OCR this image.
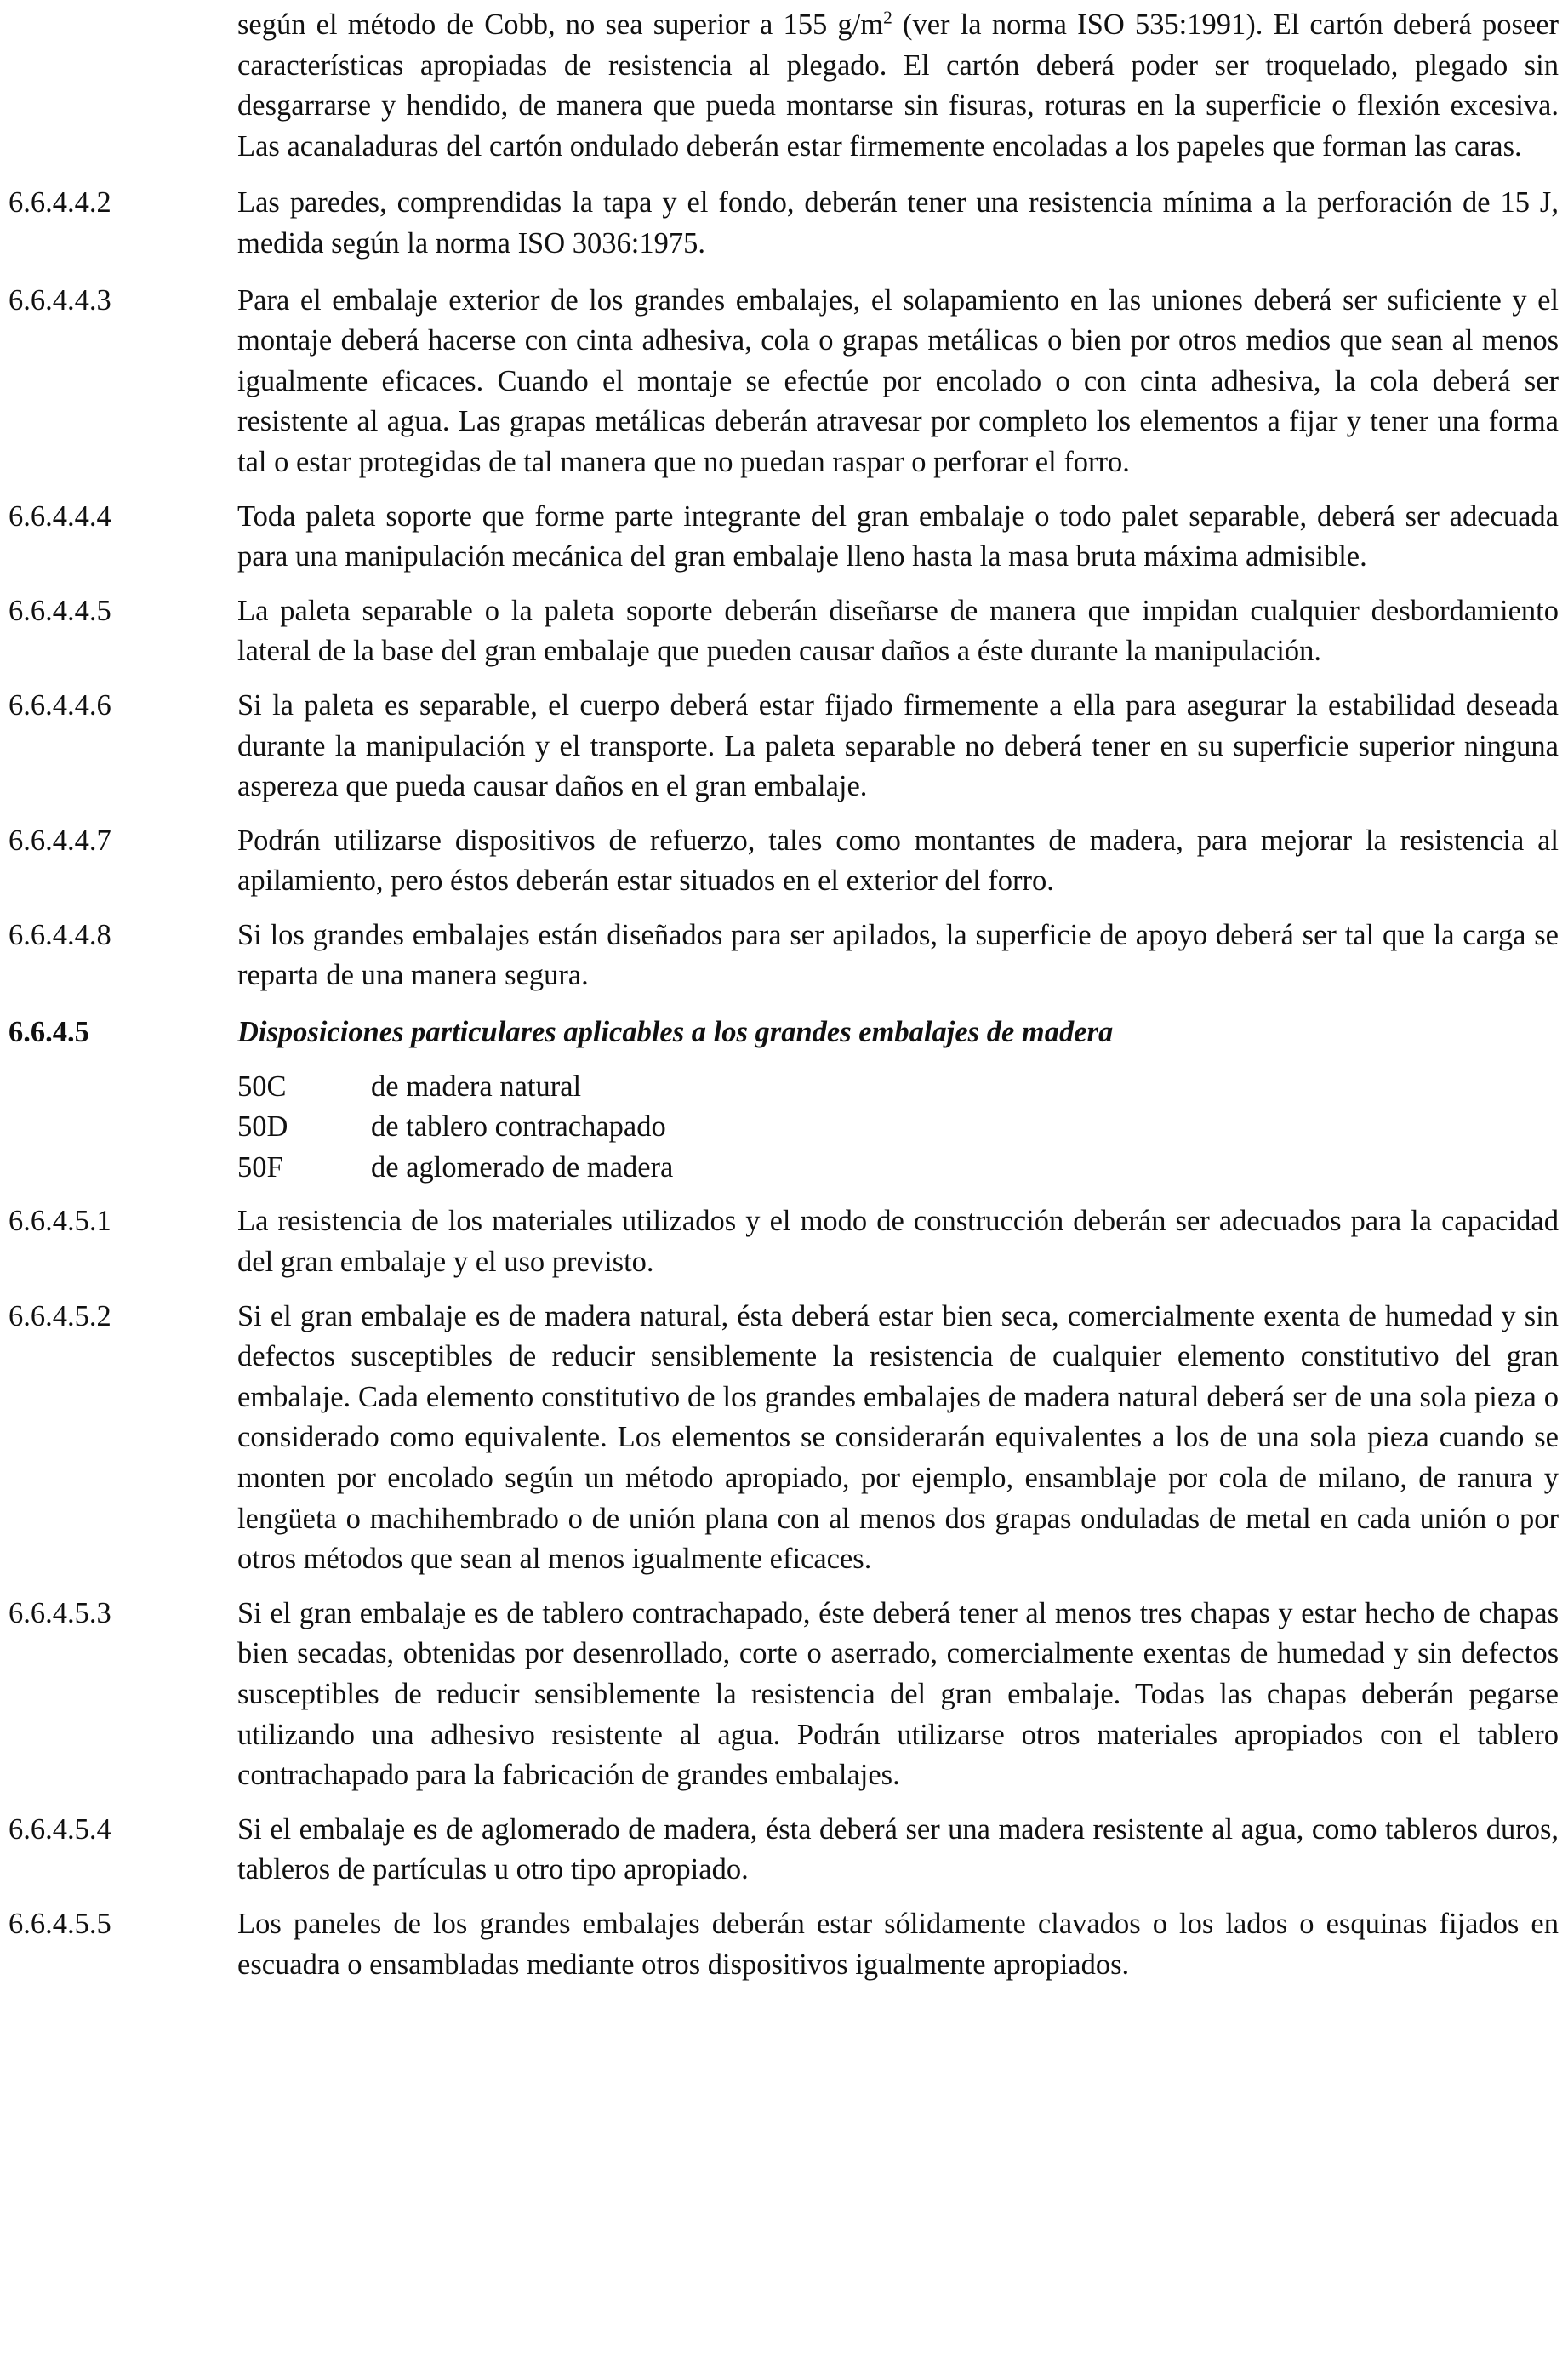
según el método de Cobb, no sea superior a 155 $g/m^2$ (ver la norma ISO 535:1991). El cartón deberá poseer características apropiadas de resistencia al plegado. El cartón deberá poder ser troquelado, plegado sin desgarrarse y hendido, de manera que pueda montarse sin fisuras, roturas en la superficie o flexión excesiva. Las acanaladuras del cartón ondulado deberán estar firmemente encoladas a los papeles que forman las caras.
6.6.4.4.2	Las paredes, comprendidas la tapa y el fondo, deberán tener una resistencia mínima a la perforación de 15 J, medida según la norma ISO 3036:1975.
6.6.4.4.3	Para el embalaje exterior de los grandes embalajes, el solapamiento en las uniones deberá ser suficiente y el montaje deberá hacerse con cinta adhesiva, cola o grapas metálicas o bien por otros medios que sean al menos igualmente eficaces. Cuando el montaje se efectúe por encolado o con cinta adhesiva, la cola deberá ser resistente al agua. Las grapas metálicas deberán atravesar por completo los elementos a fijar y tener una forma tal o estar protegidas de tal manera que no puedan raspar o perforar el forro.
6.6.4.4.4	Toda paleta soporte que forme parte integrante del gran embalaje o todo palet separable, deberá ser adecuada para una manipulación mecánica del gran embalaje lleno hasta la masa bruta máxima admisible.
6.6.4.4.5	La paleta separable o la paleta soporte deberán diseñarse de manera que impidan cualquier desbordamiento lateral de la base del gran embalaje que pueden causar daños a éste durante la manipulación.
6.6.4.4.6	Si la paleta es separable, el cuerpo deberá estar fijado firmemente a ella para asegurar la estabilidad deseada durante la manipulación y el transporte. La paleta separable no deberá tener en su superficie superior ninguna aspereza que pueda causar daños en el gran embalaje.
6.6.4.4.7	Podrán utilizarse dispositivos de refuerzo, tales como montantes de madera, para mejorar la resistencia al apilamiento, pero éstos deberán estar situados en el exterior del forro.
6.6.4.4.8	Si los grandes embalajes están diseñados para ser apilados, la superficie de apoyo deberá ser tal que la carga se reparta de una manera segura.
6.6.4.5	Disposiciones particulares aplicables a los grandes embalajes de madera
50C	de madera natural
50D	de tablero contrachapado
50F	de aglomerado de madera
6.6.4.5.1	La resistencia de los materiales utilizados y el modo de construcción deberán ser adecuados para la capacidad del gran embalaje y el uso previsto.
6.6.4.5.2	Si el gran embalaje es de madera natural, ésta deberá estar bien seca, comercialmente exenta de humedad y sin defectos susceptibles de reducir sensiblemente la resistencia de cualquier elemento constitutivo del gran embalaje. Cada elemento constitutivo de los grandes embalajes de madera natural deberá ser de una sola pieza o considerado como equivalente. Los elementos se considerarán equivalentes a los de una sola pieza cuando se monten por encolado según un método apropiado, por ejemplo, ensamblaje por cola de milano, de ranura y lengüeta o machihembrado o de unión plana con al menos dos grapas onduladas de metal en cada unión o por otros métodos que sean al menos igualmente eficaces.
6.6.4.5.3	Si el gran embalaje es de tablero contrachapado, éste deberá tener al menos tres chapas y estar hecho de chapas bien secadas, obtenidas por desenrollado, corte o aserrado, comercialmente exentas de humedad y sin defectos susceptibles de reducir sensiblemente la resistencia del gran embalaje. Todas las chapas deberán pegarse utilizando una adhesivo resistente al agua. Podrán utilizarse otros materiales apropiados con el tablero contrachapado para la fabricación de grandes embalajes.
6.6.4.5.4	Si el embalaje es de aglomerado de madera, ésta deberá ser una madera resistente al agua, como tableros duros, tableros de partículas u otro tipo apropiado.
6.6.4.5.5	Los paneles de los grandes embalajes deberán estar sólidamente clavados o los lados o esquinas fijados en escuadra o ensambladas mediante otros dispositivos igualmente apropiados.
